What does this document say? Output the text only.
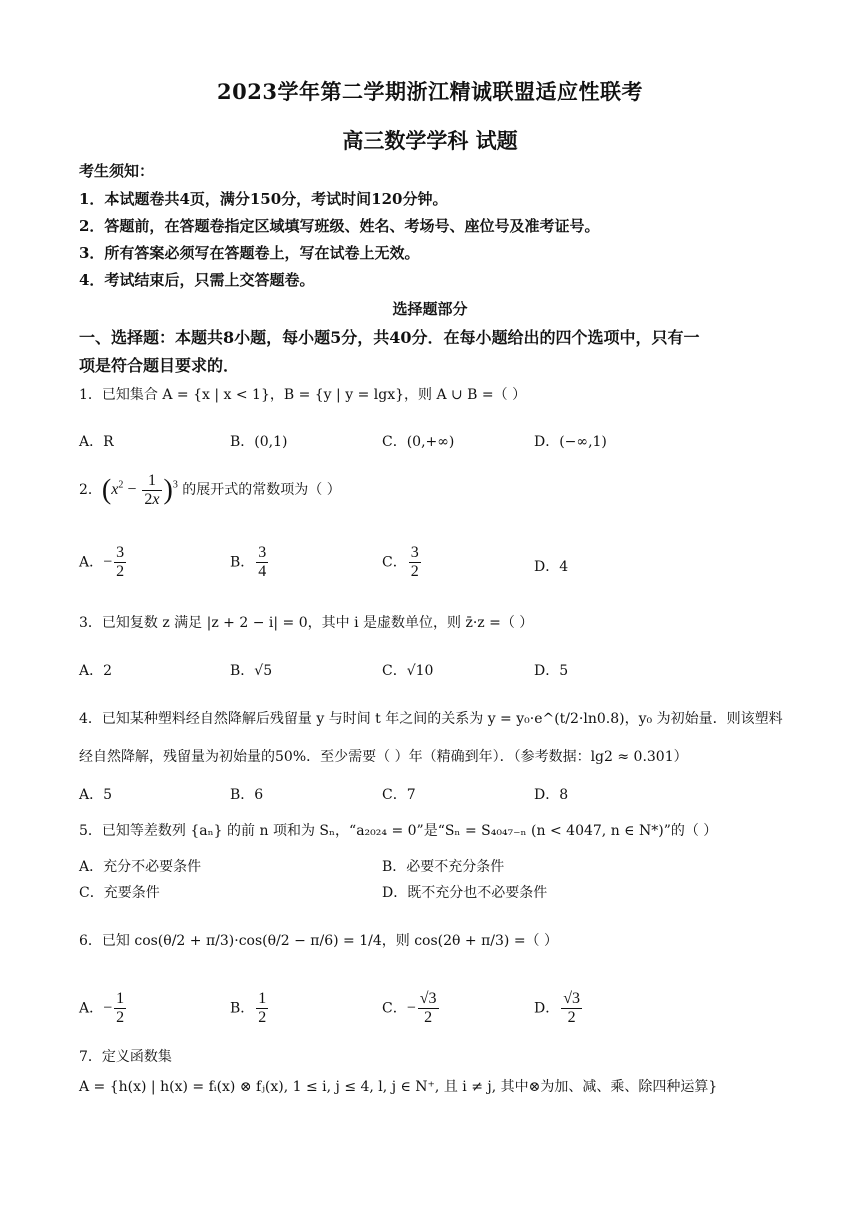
2023学年第二学期浙江精诚联盟适应性联考
高三数学学科 试题
考生须知：
1．本试题卷共4页，满分150分，考试时间120分钟。
2．答题前，在答题卷指定区域填写班级、姓名、考场号、座位号及准考证号。
3．所有答案必须写在答题卷上，写在试卷上无效。
4．考试结束后，只需上交答题卷。
选择题部分
一、选择题：本题共8小题，每小题5分，共40分．在每小题给出的四个选项中，只有一
项是符合题目要求的．
1．已知集合 A = {x | x < 1}，B = {y | y = lgx}，则 A ∪ B =（ ）
A．R	B．(0,1)	C．(0,+∞)	D．(−∞,1)
2．$(x^2 - \frac{1}{2x} )^3$ 的展开式的常数项为（ ）
A．− $\frac{3}{2}$	B． $\frac{3}{4}$	C． $\frac{3}{2}$	D．4
3．已知复数 z 满足 |z + 2 − i| = 0，其中 i 是虚数单位，则 z̄·z =（ ）
A．2	B．√5	C．√10	D．5
4．已知某种塑料经自然降解后残留量 y 与时间 t 年之间的关系为 y = y₀·e^(t/2·ln0.8)，y₀ 为初始量．则该塑料
经自然降解，残留量为初始量的50%．至少需要（ ）年（精确到年）．（参考数据：lg2 ≈ 0.301）
A．5	B．6	C．7	D．8
5．已知等差数列 {aₙ} 的前 n 项和为 Sₙ，“a₂₀₂₄ = 0”是“Sₙ = S₄₀₄₇₋ₙ (n < 4047, n ∈ N*)”的（ ）
A．充分不必要条件	B．必要不充分条件
C．充要条件	D．既不充分也不必要条件
6．已知 cos(θ/2 + π/3)·cos(θ/2 − π/6) = 1/4，则 cos(2θ + π/3) =（ ）
A．− $\frac{1}{2}$	B． $\frac{1}{2}$	C．− $\frac{√3}{2}$	D． $\frac{√3}{2}$
7．定义函数集
A = {h(x) | h(x) = fᵢ(x) ⊗ fⱼ(x), 1 ≤ i, j ≤ 4, l, j ∈ N⁺, 且 i ≠ j, 其中⊗为加、减、乘、除四种运算}
